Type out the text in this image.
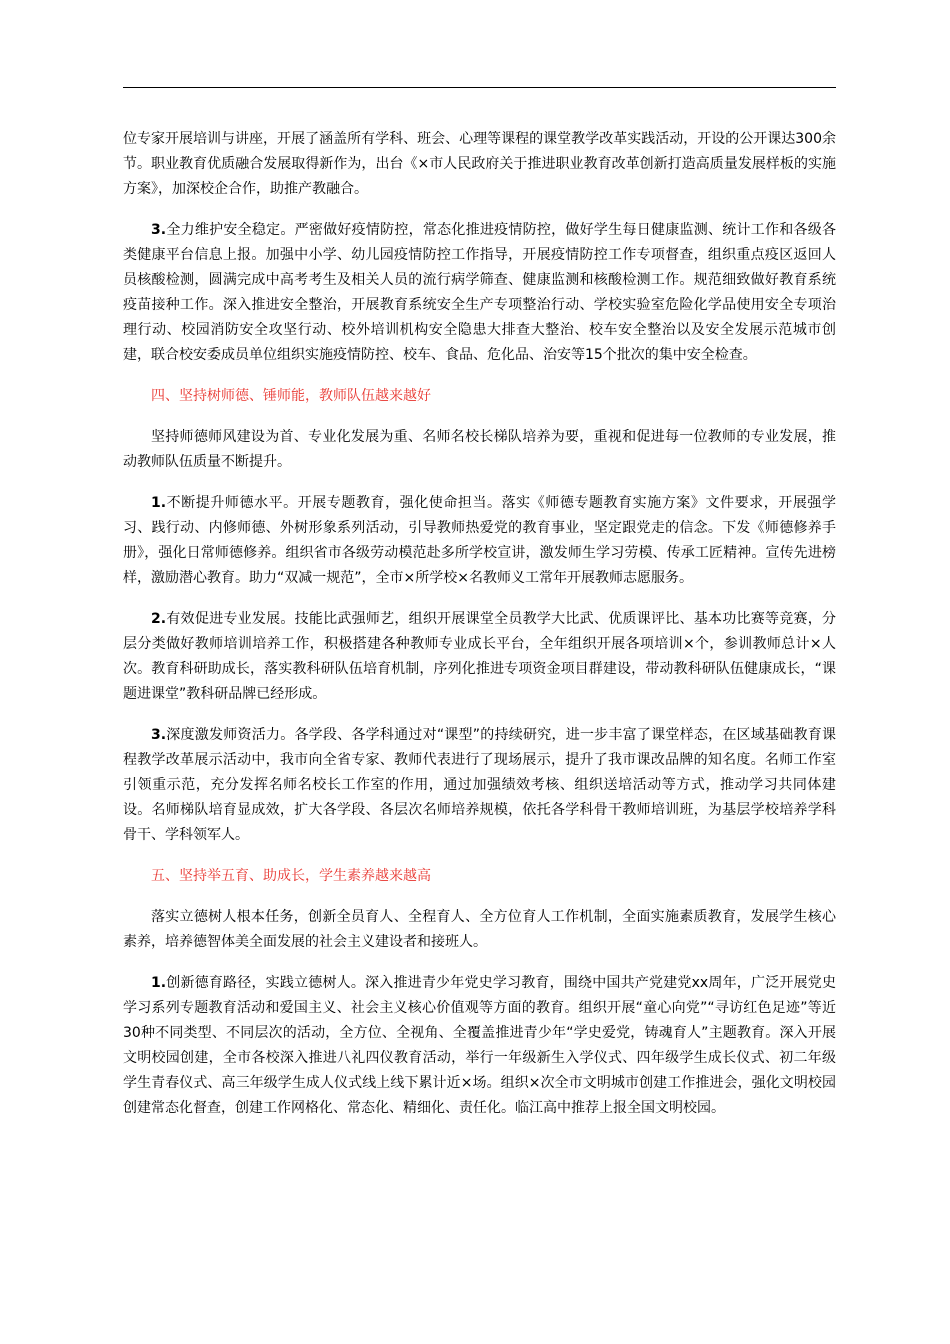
位专家开展培训与讲座，开展了涵盖所有学科、班会、心理等课程的课堂教学改革实践活动，开设的公开课达300余节。职业教育优质融合发展取得新作为，出台《×市人民政府关于推进职业教育改革创新打造高质量发展样板的实施方案》，加深校企合作，助推产教融合。

3.全力维护安全稳定。严密做好疫情防控，常态化推进疫情防控，做好学生每日健康监测、统计工作和各级各类健康平台信息上报。加强中小学、幼儿园疫情防控工作指导，开展疫情防控工作专项督查，组织重点疫区返回人员核酸检测，圆满完成中高考考生及相关人员的流行病学筛查、健康监测和核酸检测工作。规范细致做好教育系统疫苗接种工作。深入推进安全整治，开展教育系统安全生产专项整治行动、学校实验室危险化学品使用安全专项治理行动、校园消防安全攻坚行动、校外培训机构安全隐患大排查大整治、校车安全整治以及安全发展示范城市创建，联合校安委成员单位组织实施疫情防控、校车、食品、危化品、治安等15个批次的集中安全检查。

四、坚持树师德、锤师能，教师队伍越来越好

坚持师德师风建设为首、专业化发展为重、名师名校长梯队培养为要，重视和促进每一位教师的专业发展，推动教师队伍质量不断提升。

1.不断提升师德水平。开展专题教育，强化使命担当。落实《师德专题教育实施方案》文件要求，开展强学习、践行动、内修师德、外树形象系列活动，引导教师热爱党的教育事业，坚定跟党走的信念。下发《师德修养手册》，强化日常师德修养。组织省市各级劳动模范赴多所学校宣讲，激发师生学习劳模、传承工匠精神。宣传先进榜样，激励潜心教育。助力“双减一规范”，全市×所学校×名教师义工常年开展教师志愿服务。

2.有效促进专业发展。技能比武强师艺，组织开展课堂全员教学大比武、优质课评比、基本功比赛等竞赛，分层分类做好教师培训培养工作，积极搭建各种教师专业成长平台，全年组织开展各项培训×个，参训教师总计×人次。教育科研助成长，落实教科研队伍培育机制，序列化推进专项资金项目群建设，带动教科研队伍健康成长，“课题进课堂”教科研品牌已经形成。

3.深度激发师资活力。各学段、各学科通过对“课型”的持续研究，进一步丰富了课堂样态，在区域基础教育课程教学改革展示活动中，我市向全省专家、教师代表进行了现场展示，提升了我市课改品牌的知名度。名师工作室引领重示范，充分发挥名师名校长工作室的作用，通过加强绩效考核、组织送培活动等方式，推动学习共同体建设。名师梯队培育显成效，扩大各学段、各层次名师培养规模，依托各学科骨干教师培训班，为基层学校培养学科骨干、学科领军人。

五、坚持举五育、助成长，学生素养越来越高

落实立德树人根本任务，创新全员育人、全程育人、全方位育人工作机制，全面实施素质教育，发展学生核心素养，培养德智体美全面发展的社会主义建设者和接班人。

1.创新德育路径，实践立德树人。深入推进青少年党史学习教育，围绕中国共产党建党xx周年，广泛开展党史学习系列专题教育活动和爱国主义、社会主义核心价值观等方面的教育。组织开展“童心向党”“寻访红色足迹”等近30种不同类型、不同层次的活动，全方位、全视角、全覆盖推进青少年“学史爱党，铸魂育人”主题教育。深入开展文明校园创建，全市各校深入推进八礼四仪教育活动，举行一年级新生入学仪式、四年级学生成长仪式、初二年级学生青春仪式、高三年级学生成人仪式线上线下累计近×场。组织×次全市文明城市创建工作推进会，强化文明校园创建常态化督查，创建工作网格化、常态化、精细化、责任化。临江高中推荐上报全国文明校园。
